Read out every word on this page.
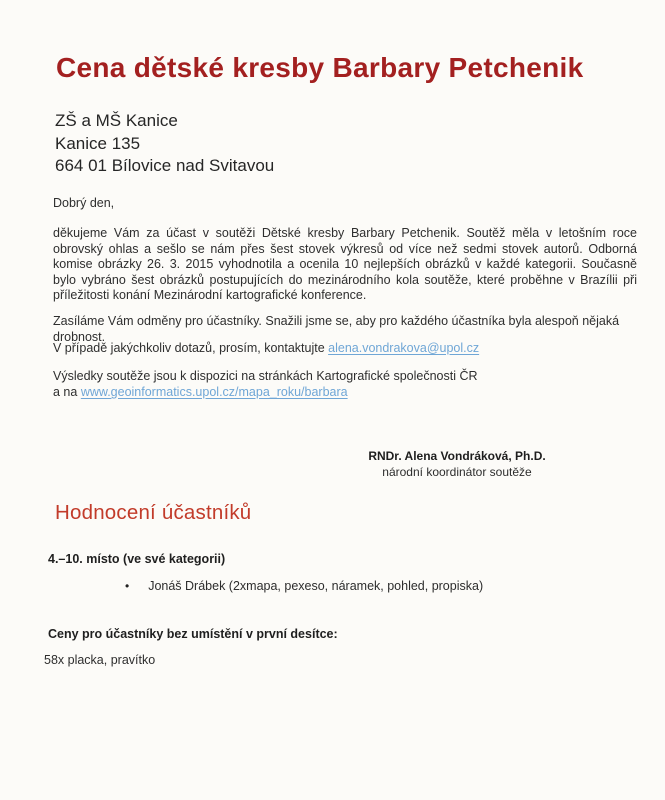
Cena dětské kresby Barbary Petchenik
ZŠ a MŠ Kanice
Kanice 135
664 01 Bílovice nad Svitavou
Dobrý den,

děkujeme Vám za účast v soutěži Dětské kresby Barbary Petchenik. Soutěž měla v letošním roce obrovský ohlas a sešlo se nám přes šest stovek výkresů od více než sedmi stovek autorů. Odborná komise obrázky 26. 3. 2015 vyhodnotila a ocenila 10 nejlepších obrázků v každé kategorii. Současně bylo vybráno šest obrázků postupujících do mezinárodního kola soutěže, které proběhne v Brazílii při příležitosti konání Mezinárodní kartografické konference.

Zasíláme Vám odměny pro účastníky. Snažili jsme se, aby pro každého účastníka byla alespoň nějaká drobnost.

V případě jakýchkoliv dotazů, prosím, kontaktujte alena.vondrakova@upol.cz

Výsledky soutěže jsou k dispozici na stránkách Kartografické společnosti ČR
a na www.geoinformatics.upol.cz/mapa_roku/barbara

RNDr. Alena Vondráková, Ph.D.
národní koordinátor soutěže
Hodnocení účastníků
4.–10. místo (ve své kategorii)
• Jonáš Drábek (2xmapa, pexeso, náramek, pohled, propiska)
Ceny pro účastníky bez umístění v první desítce:
58x placka, pravítko
